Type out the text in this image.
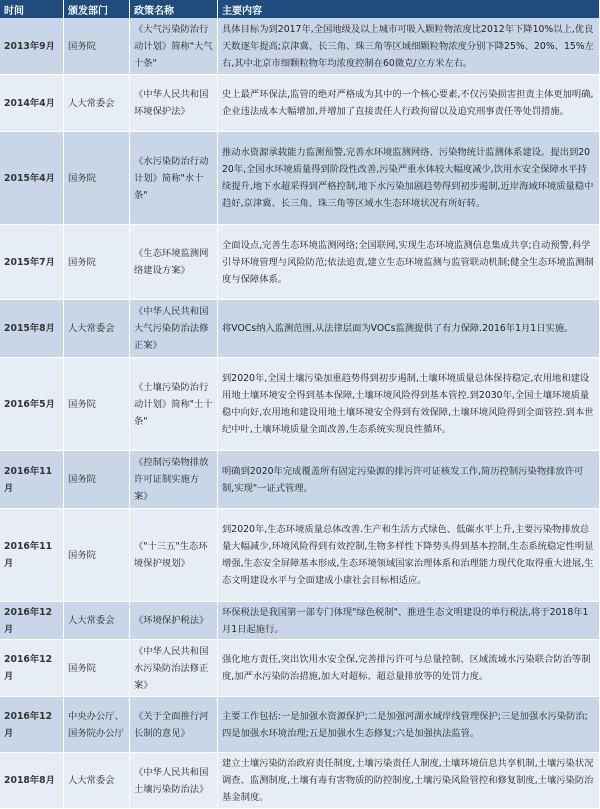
时间	颁发部门	政策名称	主要内容
2013年9月	国务院	《大气污染防治行动计划》简称"大气十条"	具体目标为到2017年,全国地级及以上城市可吸入颗粒物浓度比2012年下降10%以上,优良天数逐年提高;京津冀、长三角、珠三角等区域细颗粒物浓度分别下降25%、20%、15%左右,其中北京市细颗粒物年均浓度控制在60微克/立方米左右。
2014年4月	人大常委会	《中华人民共和国环境保护法》	史上最严环保法,监管的绝对严格成为其中的一个核心要素,不仅污染损害担责主体更加明确,企业违法成本大幅增加,并增加了直接责任人行政拘留以及追究刑事责任等处罚措施。
2015年4月	国务院	《水污染防治行动计划》简称"水十条"	推动水资源承载能力监测预警,完善水环境监测网络、污染物统计监测体系建设。提出到2020年,全国水环境质量得到阶段性改善,污染严重水体较大幅度减少,饮用水安全保障水平持续提升,地下水超采得到严格控制,地下水污染加剧趋势得到初步遏制,近岸海域环境质量稳中趋好,京津冀、长三角、珠三角等区域水生态环境状况有所好转。
2015年7月	国务院	《生态环境监测网络建设方案》	全面设点,完善生态环境监测网络;全国联网,实现生态环境监测信息集成共享;自动预警,科学引导环境管理与风险防范;依法追责,建立生态环境监测与监管联动机制;健全生态环境监测制度与保障体系。
2015年8月	人大常委会	《中华人民共和国大气污染防治法修正案》	将VOCs纳入监测范围,从法律层面为VOCs监测提供了有力保障.2016年1月1日实施。
2016年5月	国务院	《土壤污染防治行动计划》简称"土十条"	到2020年,全国土壤污染加重趋势得到初步遏制,土壤环境质量总体保持稳定,农用地和建设用地土壤环境安全得到基本保障,土壤环境风险得到基本管控.到2030年,全国土壤环境质量稳中向好,农用地和建设用地土壤环境安全得到有效保障,土壤环境风险得到全面管控.到本世纪中叶,土壤环境质量全面改善,生态系统实现良性循环。
2016年11月	国务院	《控制污染物排放许可证制实施方案》	明确到2020年完成覆盖所有固定污染源的排污许可证核发工作,简历控制污染物排放许可制,实现"一证式管理。
2016年11月	国务院	《"十三五"生态环境保护规划》	到2020年,生态环境质量总体改善.生产和生活方式绿色、低碳水平上升,主要污染物排放总量大幅减少,环境风险得到有效控制,生物多样性下降势头得到基本控制,生态系统稳定性明显增强,生态安全屏障基本形成,生态环境领域国家治理体系和治理能力现代化取得重大进展,生态文明建设水平与全面建成小康社会目标相适应。
2016年12月	人大常委会	《环境保护税法》	环保税法是我国第一部专门体现"绿色税制"、推进生态文明建设的单行税法,将于2018年1月1日起施行。
2016年12月	国务院	《中华人民共和国水污染防治法修正案》	强化地方责任,突出饮用水安全保,完善排污许可与总量控制、区域流域水污染联合防治等制度,加严水污染防治措施,加大对超标、超总量排放等的处罚力度。
2016年12月	中央办公厅、国务院办公厅	《关于全面推行河长制的意见》	主要工作包括:一是加强水资源保护;二是加强河湖水域岸线管理保护;三是加强水污染防治;四是加强水环境治理;五是加强水生态修复;六是加强执法监管。
2018年8月	人大常委会	《中华人民共和国土壤污染防治法》	建立土壤污染防治政府责任制度,土壤污染责任人制度,土壤环境信息共享机制,土壤污染状况调查、监测制度,土壤有毒有害物质的防控制度,土壤污染风险管控和修复制度,土壤污染防治基金制度。
